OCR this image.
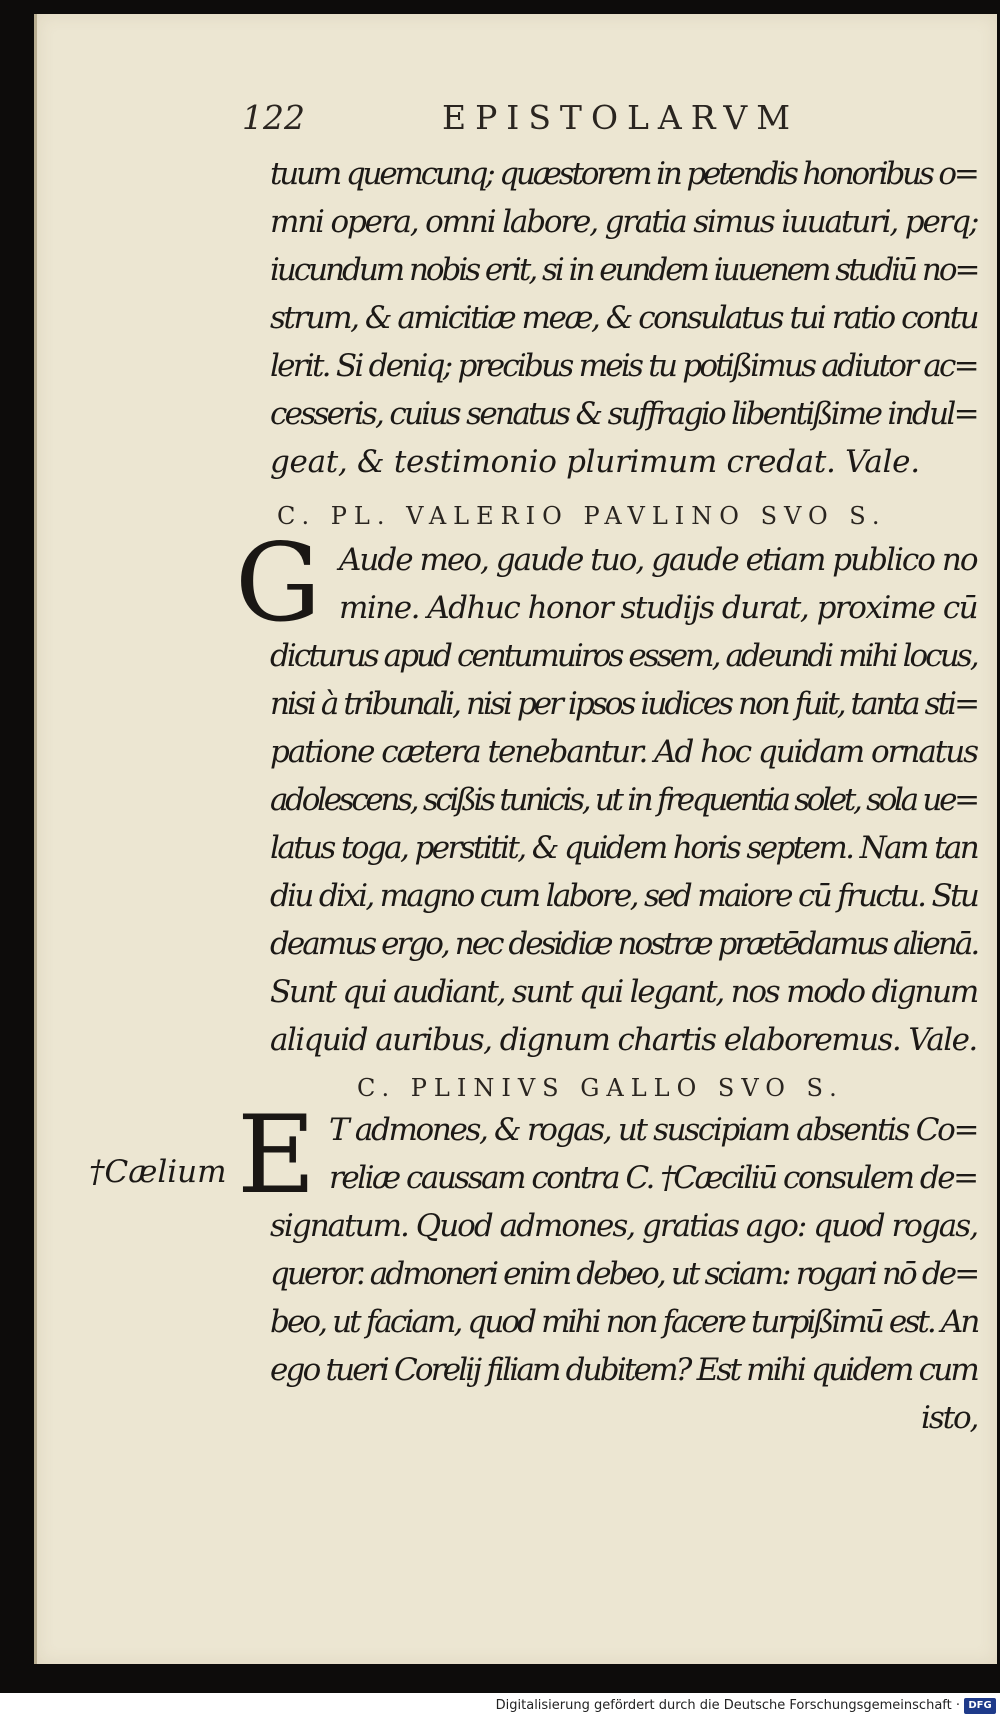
122	EPISTOLARVM
tuum quemcunq; quæstorem in petendis honoribus o=
mni opera, omni labore, gratia simus iuuaturi, perq;
iucundum nobis erit, si in eundem iuuenem studiū no=
strum, & amicitiæ meæ, & consulatus tui ratio contu
lerit. Si deniq; precibus meis tu potißimus adiutor ac=
cesseris, cuius senatus & suffragio libentißime indul=
geat, & testimonio plurimum credat. Vale.
C. PL. VALERIO PAVLINO SVO S.
G Aude meo, gaude tuo, gaude etiam publico no
mine. Adhuc honor studijs durat, proxime cū
dicturus apud centumuiros essem, adeundi mihi locus,
nisi à tribunali, nisi per ipsos iudices non fuit, tanta sti=
patione cætera tenebantur. Ad hoc quidam ornatus
adolescens, scißis tunicis, ut in frequentia solet, sola ue=
latus toga, perstitit, & quidem horis septem. Nam tan
diu dixi, magno cum labore, sed maiore cū fructu. Stu
deamus ergo, nec desidiæ nostræ prætēdamus alienā.
Sunt qui audiant, sunt qui legant, nos modo dignum
aliquid auribus, dignum chartis elaboremus. Vale.
C. PLINIVS GALLO SVO S.
†Cælium E T admones, & rogas, ut suscipiam absentis Co=
reliæ caussam contra C. †Cæciliū consulem de=
signatum. Quod admones, gratias ago: quod rogas,
queror. admoneri enim debeo, ut sciam: rogari nō de=
beo, ut faciam, quod mihi non facere turpißimū est. An
ego tueri Corelij filiam dubitem? Est mihi quidem cum
isto,
Digitalisierung gefördert durch die Deutsche Forschungsgemeinschaft · DFG
